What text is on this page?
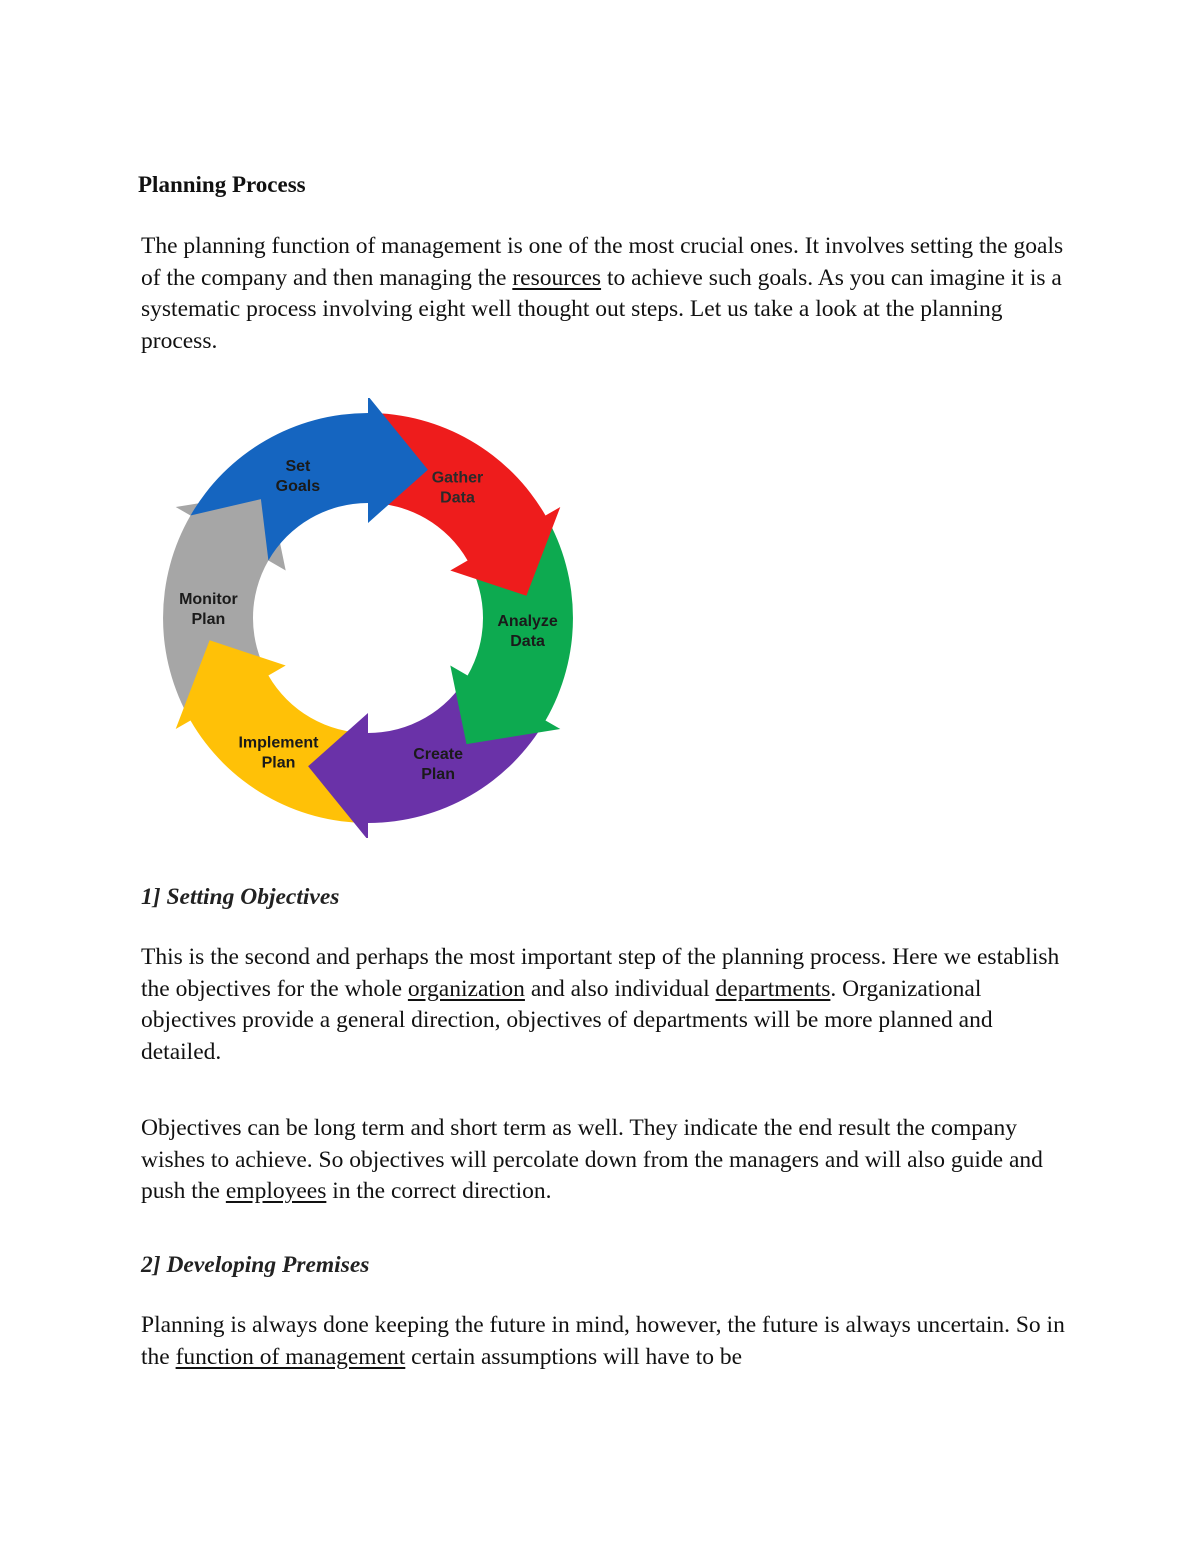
Planning Process

The planning function of management is one of the most crucial ones. It involves setting the goals of the company and then managing the resources to achieve such goals. As you can imagine it is a systematic process involving eight well thought out steps. Let us take a look at the planning process.

Set Goals
Gather Data
Analyze Data
Create Plan
Implement Plan
Monitor Plan
1] Setting Objectives

This is the second and perhaps the most important step of the planning process. Here we establish the objectives for the whole organization and also individual departments. Organizational objectives provide a general direction, objectives of departments will be more planned and detailed.

Objectives can be long term and short term as well. They indicate the end result the company wishes to achieve. So objectives will percolate down from the managers and will also guide and push the employees in the correct direction.

2] Developing Premises

Planning is always done keeping the future in mind, however, the future is always uncertain. So in the function of management certain assumptions will have to be
